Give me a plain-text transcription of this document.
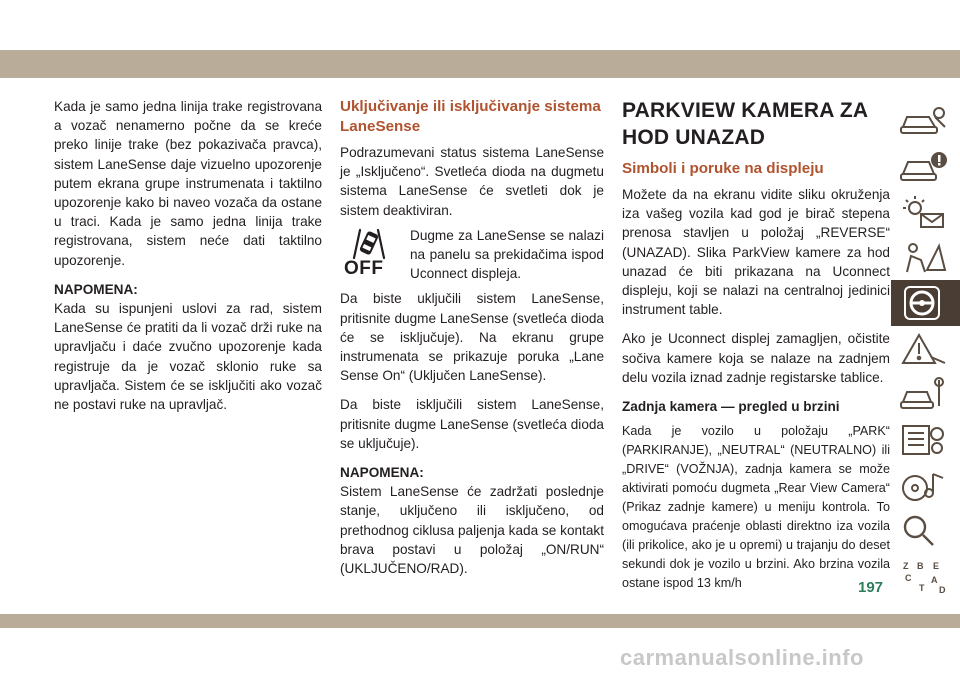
Kada je samo jedna linija trake registrovana a vozač nenamerno počne da se kreće preko linije trake (bez pokazivača pravca), sistem LaneSense daje vizuelno upozorenje putem ekrana grupe instrumenata i taktilno upozorenje kako bi naveo vozača da ostane u traci. Kada je samo jedna linija trake registrovana, sistem neće dati taktilno upozorenje.

NAPOMENA:

Kada su ispunjeni uslovi za rad, sistem LaneSense će pratiti da li vozač drži ruke na upravljaču i daće zvučno upozorenje kada registruje da je vozač sklonio ruke sa upravljača. Sistem će se isključiti ako vozač ne postavi ruke na upravljač.

Uključivanje ili isključivanje sistema LaneSense

Podrazumevani status sistema LaneSense je „Isključeno“. Svetleća dioda na dugmetu sistema LaneSense će svetleti dok je sistem deaktiviran.

OFF

Dugme za LaneSense se nalazi na panelu sa prekidačima ispod Uconnect displeja.

Da biste uključili sistem LaneSense, pritisnite dugme LaneSense (svetleća dioda će se isključuje). Na ekranu grupe instrumenata se prikazuje poruka „Lane Sense On“ (Uključen LaneSense).

Da biste isključili sistem LaneSense, pritisnite dugme LaneSense (svetleća dioda se uključuje).

NAPOMENA:

Sistem LaneSense će zadržati poslednje stanje, uključeno ili isključeno, od prethodnog ciklusa paljenja kada se kontakt brava postavi u položaj „ON/RUN“ (UKLJUČENO/RAD).

PARKVIEW KAMERA ZA HOD UNAZAD
Simboli i poruke na displeju

Možete da na ekranu vidite sliku okruženja iza vašeg vozila kad god je birač stepena prenosa stavljen u položaj „REVERSE“ (UNAZAD). Slika ParkView kamere za hod unazad će biti prikazana na Uconnect displeju, koji se nalazi na centralnoj jedinici instrument table.

Ako je Uconnect displej zamagljen, očistite sočiva kamere koja se nalaze na zadnjem delu vozila iznad zadnje registarske tablice.

Zadnja kamera — pregled u brzini

Kada je vozilo u položaju „PARK“ (PARKIRANJE), „NEUTRAL“ (NEUTRALNO) ili „DRIVE“ (VOŽNJA), zadnja kamera se može aktivirati pomoću dugmeta „Rear View Camera“ (Prikaz zadnje kamere) u meniju kontrola. To omogućava praćenje oblasti direktno iza vozila (ili prikolice, ako je u opremi) u trajanju do deset sekundi dok je vozilo u brzini. Ako brzina vozila ostane ispod 13 km/h

Z B E
C A
T D
197
carmanualsonline.info
